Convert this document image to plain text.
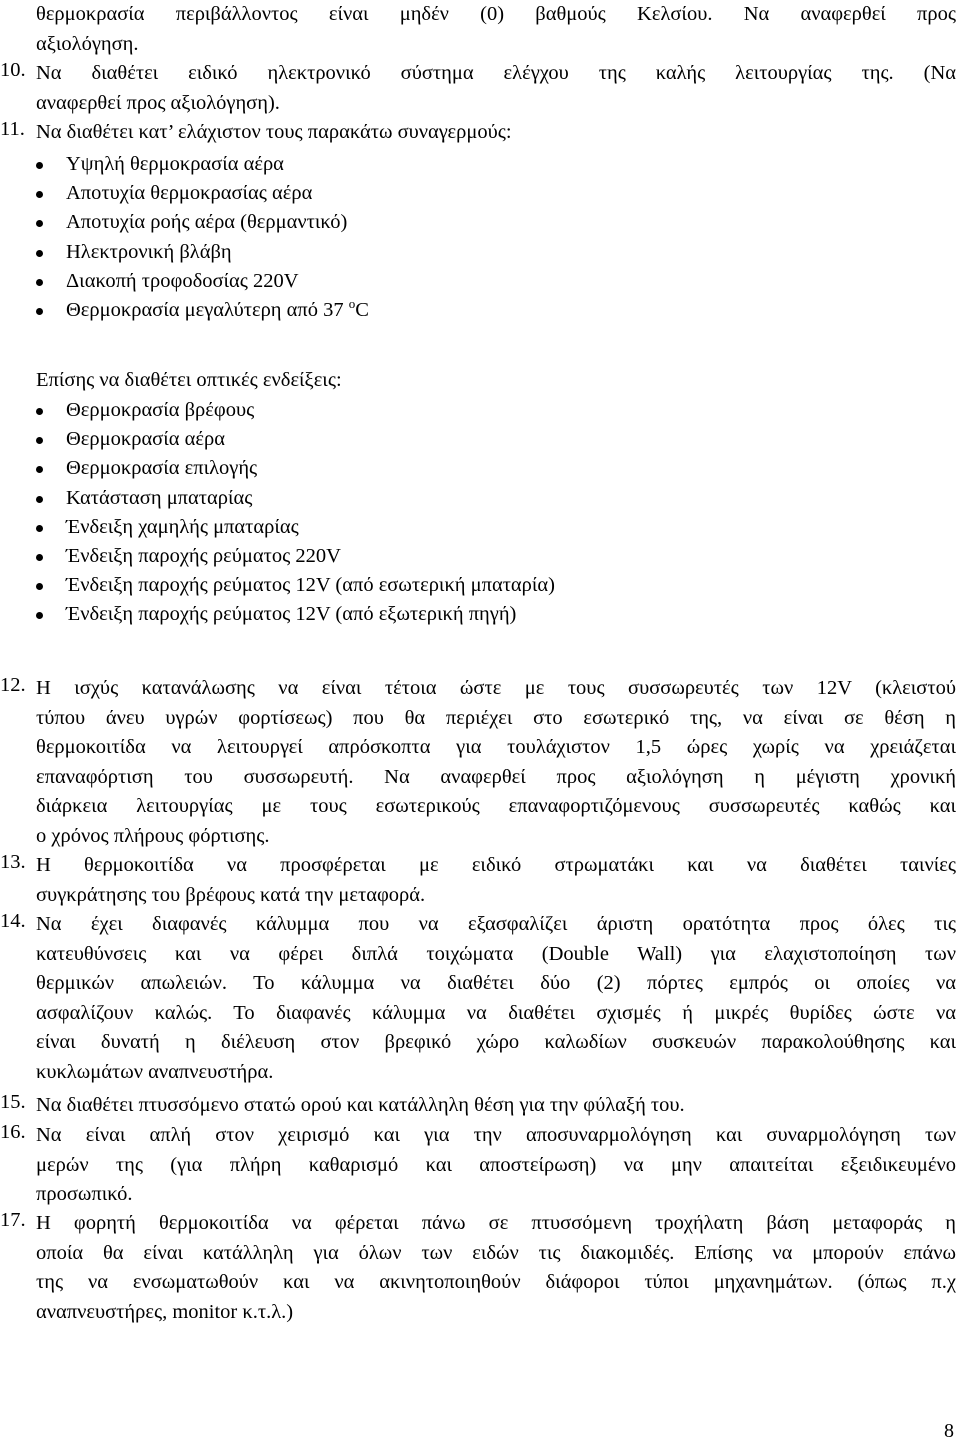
θερμοκρασία περιβάλλοντος είναι μηδέν (0) βαθμούς Κελσίου. Να αναφερθεί προς
αξιολόγηση.
10. Να διαθέτει ειδικό ηλεκτρονικό σύστημα ελέγχου της καλής λειτουργίας της. (Να
αναφερθεί προς αξιολόγηση).
11. Να διαθέτει κατ’ ελάχιστον τους παρακάτω συναγερμούς:
Υψηλή θερμοκρασία αέρα
Αποτυχία θερμοκρασίας αέρα
Αποτυχία ροής αέρα (θερμαντικό)
Ηλεκτρονική βλάβη
Διακοπή τροφοδοσίας 220V
Θερμοκρασία μεγαλύτερη από 37 $^o$C
Επίσης να διαθέτει οπτικές ενδείξεις:
Θερμοκρασία βρέφους
Θερμοκρασία αέρα
Θερμοκρασία επιλογής
Κατάσταση μπαταρίας
Ένδειξη χαμηλής μπαταρίας
Ένδειξη παροχής ρεύματος 220V
Ένδειξη παροχής ρεύματος 12V (από εσωτερική μπαταρία)
Ένδειξη παροχής ρεύματος 12V (από εξωτερική πηγή)
12. Η ισχύς κατανάλωσης να είναι τέτοια ώστε με τους συσσωρευτές των 12V (κλειστού
τύπου άνευ υγρών φορτίσεως) που θα περιέχει στο εσωτερικό της, να είναι σε θέση η
θερμοκοιτίδα να λειτουργεί απρόσκοπτα για τουλάχιστον 1,5 ώρες χωρίς να χρειάζεται
επαναφόρτιση του συσσωρευτή. Να αναφερθεί προς αξιολόγηση η μέγιστη χρονική
διάρκεια λειτουργίας με τους εσωτερικούς επαναφορτιζόμενους συσσωρευτές καθώς και
ο χρόνος πλήρους φόρτισης.
13. Η θερμοκοιτίδα να προσφέρεται με ειδικό στρωματάκι και να διαθέτει ταινίες
συγκράτησης του βρέφους κατά την μεταφορά.
14. Να έχει διαφανές κάλυμμα που να εξασφαλίζει άριστη ορατότητα προς όλες τις
κατευθύνσεις και να φέρει διπλά τοιχώματα (Double Wall) για ελαχιστοποίηση των
θερμικών απωλειών. Το κάλυμμα να διαθέτει δύο (2) πόρτες εμπρός οι οποίες να
ασφαλίζουν καλώς. Το διαφανές κάλυμμα να διαθέτει σχισμές ή μικρές θυρίδες ώστε να
είναι δυνατή η διέλευση στον βρεφικό χώρο καλωδίων συσκευών παρακολούθησης και
κυκλωμάτων αναπνευστήρα.
15. Να διαθέτει πτυσσόμενο στατώ ορού και κατάλληλη θέση για την φύλαξή του.
16. Να είναι απλή στον χειρισμό και για την αποσυναρμολόγηση και συναρμολόγηση των
μερών της (για πλήρη καθαρισμό και αποστείρωση) να μην απαιτείται εξειδικευμένο
προσωπικό.
17. Η φορητή θερμοκοιτίδα να φέρεται πάνω σε πτυσσόμενη τροχήλατη βάση μεταφοράς η
οποία θα είναι κατάλληλη για όλων των ειδών τις διακομιδές. Επίσης να μπορούν επάνω
της να ενσωματωθούν και να ακινητοποιηθούν διάφοροι τύποι μηχανημάτων. (όπως π.χ
αναπνευστήρες, monitor κ.τ.λ.)
8
